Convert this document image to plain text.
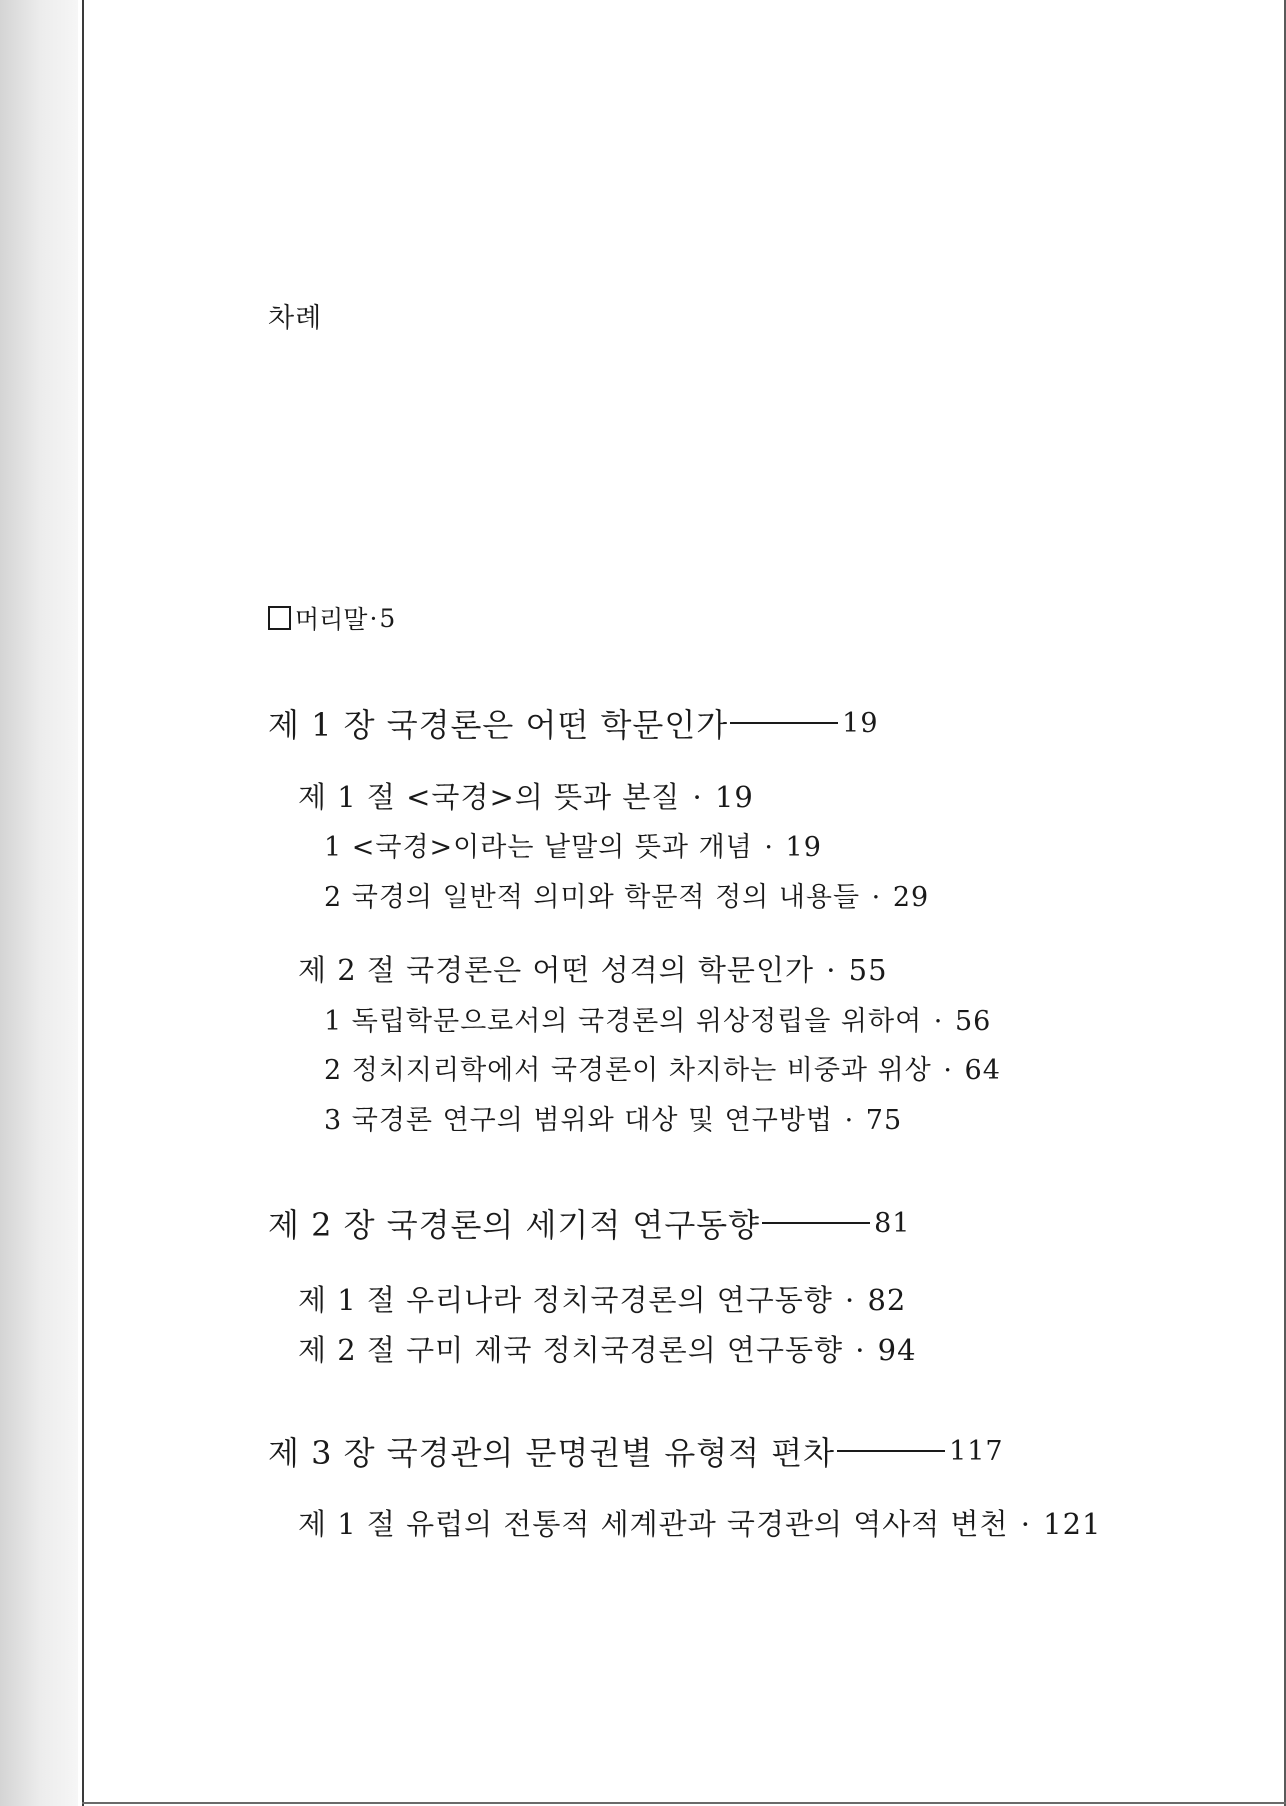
차례
머리말 · 5
제 1 장 국경론은 어떤 학문인가	19
제 1 절 <국경>의 뜻과 본질 · 19
1 <국경>이라는 낱말의 뜻과 개념 · 19
2 국경의 일반적 의미와 학문적 정의 내용들 · 29
제 2 절 국경론은 어떤 성격의 학문인가 · 55
1 독립학문으로서의 국경론의 위상정립을 위하여 · 56
2 정치지리학에서 국경론이 차지하는 비중과 위상 · 64
3 국경론 연구의 범위와 대상 및 연구방법 · 75
제 2 장 국경론의 세기적 연구동향	81
제 1 절 우리나라 정치국경론의 연구동향 · 82
제 2 절 구미 제국 정치국경론의 연구동향 · 94
제 3 장 국경관의 문명권별 유형적 편차	117
제 1 절 유럽의 전통적 세계관과 국경관의 역사적 변천 · 121
